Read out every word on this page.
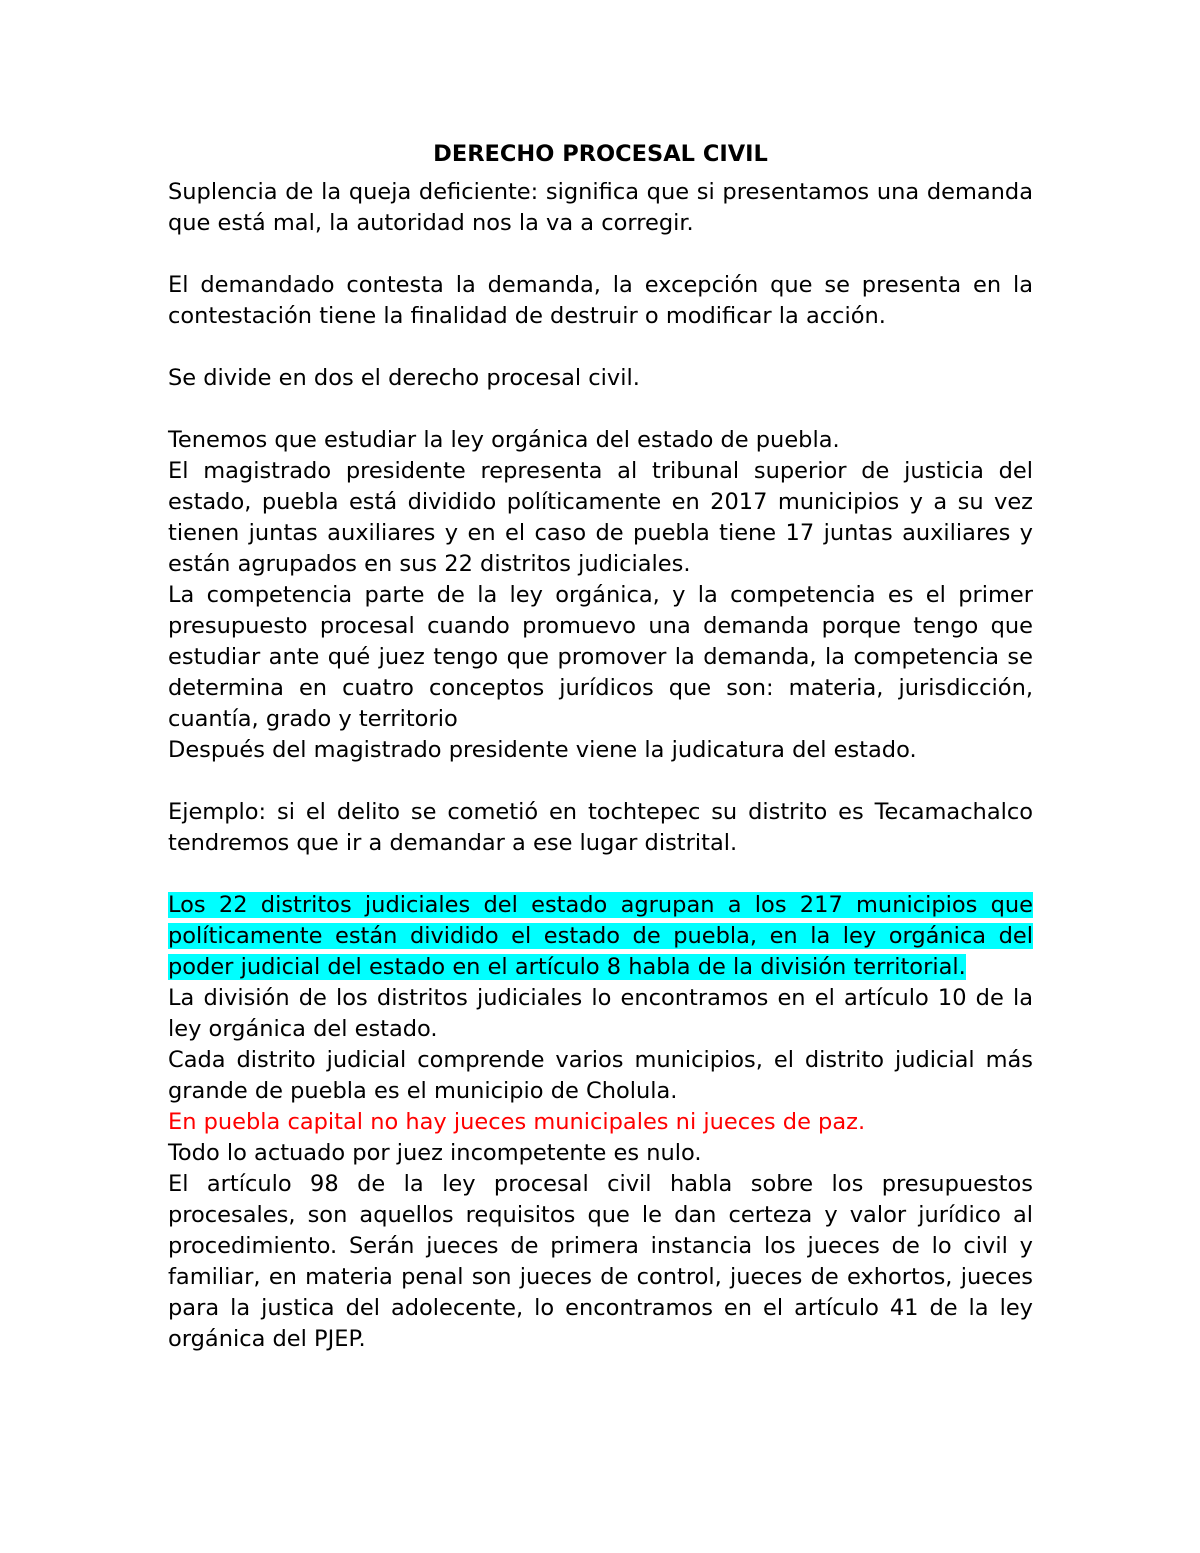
DERECHO PROCESAL CIVIL

Suplencia de la queja deficiente: significa que si presentamos una demanda que está mal, la autoridad nos la va a corregir.

El demandado contesta la demanda, la excepción que se presenta en la contestación tiene la finalidad de destruir o modificar la acción.

Se divide en dos el derecho procesal civil.

Tenemos que estudiar la ley orgánica del estado de puebla.

El magistrado presidente representa al tribunal superior de justicia del estado, puebla está dividido políticamente en 2017 municipios y a su vez tienen juntas auxiliares y en el caso de puebla tiene 17 juntas auxiliares y están agrupados en sus 22 distritos judiciales.

La competencia parte de la ley orgánica, y la competencia es el primer presupuesto procesal cuando promuevo una demanda porque tengo que estudiar ante qué juez tengo que promover la demanda, la competencia se determina en cuatro conceptos jurídicos que son: materia, jurisdicción, cuantía, grado y territorio

Después del magistrado presidente viene la judicatura del estado.

Ejemplo: si el delito se cometió en tochtepec su distrito es Tecamachalco tendremos que ir a demandar a ese lugar distrital.

Los 22 distritos judiciales del estado agrupan a los 217 municipios que políticamente están dividido el estado de puebla, en la ley orgánica del poder judicial del estado en el artículo 8 habla de la división territorial.

La división de los distritos judiciales lo encontramos en el artículo 10 de la ley orgánica del estado.

Cada distrito judicial comprende varios municipios, el distrito judicial más grande de puebla es el municipio de Cholula.

En puebla capital no hay jueces municipales ni jueces de paz.

Todo lo actuado por juez incompetente es nulo.

El artículo 98 de la ley procesal civil habla sobre los presupuestos procesales, son aquellos requisitos que le dan certeza y valor jurídico al procedimiento. Serán jueces de primera instancia los jueces de lo civil y familiar, en materia penal son jueces de control, jueces de exhortos, jueces para la justica del adolecente, lo encontramos en el artículo 41 de la ley orgánica del PJEP.
